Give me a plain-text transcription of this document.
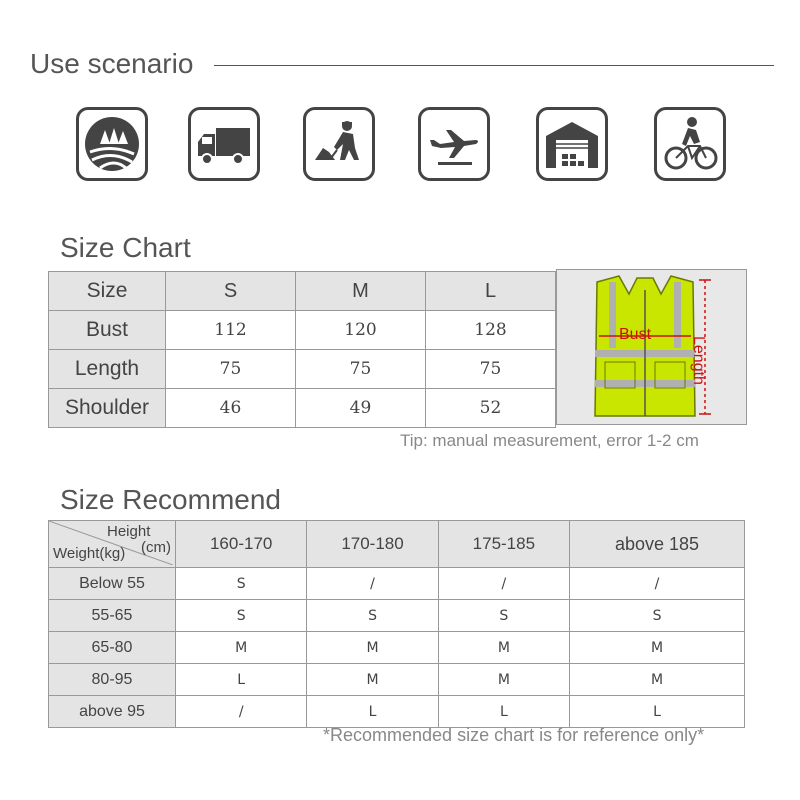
Use scenario
Size Chart
Size	S	M	L
Bust	112	120	128
Length	75	75	75
Shoulder	46	49	52
Bust
Length
Tip: manual measurement, error 1-2 cm
Size Recommend
Height
(cm)
Weight(kg)	160-170	170-180	175-185	above 185
Below 55	S	/	/	/
55-65	S	S	S	S
65-80	M	M	M	M
80-95	L	M	M	M
above 95	/	L	L	L
*Recommended size chart is for reference only*
